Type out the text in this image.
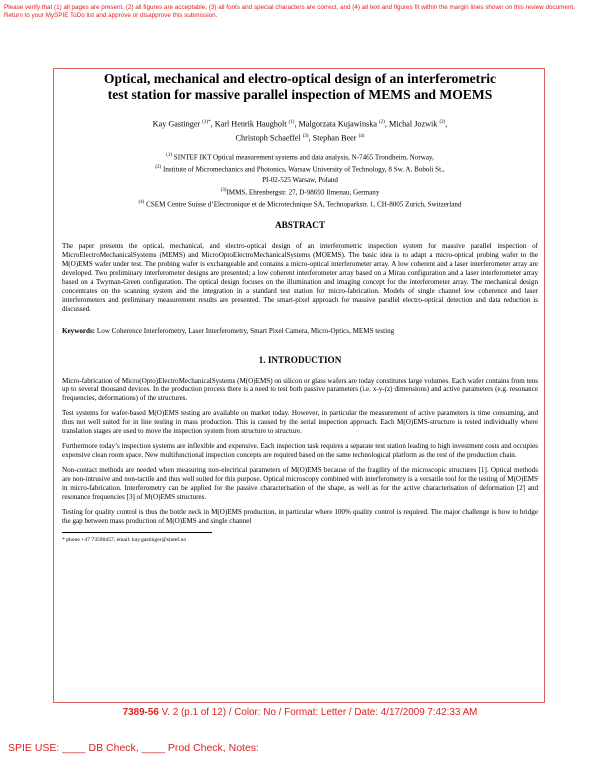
Please verify that (1) all pages are present, (2) all figures are acceptable, (3) all fonts and special characters are correct, and (4) all text and figures fit within the margin lines shown on this review document. Return to your MySPIE ToDo list and approve or disapprove this submission.
Optical, mechanical and electro-optical design of an interferometric
test station for massive parallel inspection of MEMS and MOEMS
Kay Gastinger $^{(1)*}$, Karl Henrik Haugholt $^{(1)}$, Malgorzata Kujawinska $^{(2)}$, Michal Jozwik $^{(2)}$,
Christoph Schaeffel $^{(3)}$, Stephan Beer $^{(4)}$
$^{(1)}$ SINTEF IKT Optical measurement systems and data analysis, N-7465 Trondheim, Norway,
$^{(2)}$ Institute of Micromechanics and Photonics, Warsaw University of Technology, 8 Sw. A. Boboli St.,
PI-02-525 Warsaw, Poland
$^{(3)}$IMMS, Ehrenbergstr. 27, D-98693 Ilmenau, Germany
$^{(4)}$ CSEM Centre Suisse d’Electronique et de Microtechnique SA, Technoparkstr. 1, CH-8005 Zurich, Switzerland
ABSTRACT

The paper presents the optical, mechanical, and electro-optical design of an interferometric inspection system for massive parallel inspection of MicroElectroMechanicalSystems (MEMS) and MicroOptoElectroMechanicalSystems (MOEMS). The basic idea is to adapt a micro-optical probing wafer to the M(O)EMS wafer under test. The probing wafer is exchangeable and contains a micro-optical interferometer array. A low coherent and a laser interferometer array are developed. Two preliminary interferometer designs are presented; a low coherent interferometer array based on a Mirau configuration and a laser interferometer array based on a Twyman-Green configuration. The optical design focuses on the illumination and imaging concept for the interferometer array. The mechanical design concentrates on the scanning system and the integration in a standard test station for micro-fabrication. Models of single channel low coherence and laser interferometers and preliminary measurement results are presented. The smart-pixel approach for massive parallel electro-optical detection and data reduction is discussed.

Keywords: Low Coherence Interferometry, Laser Interferometry, Smart Pixel Camera, Micro-Optics, MEMS testing

1. INTRODUCTION

Micro-fabrication of Micro(Opto)ElectroMechanicalSystems (M(O)EMS) on silicon or glass wafers are today constitutes large volumes. Each wafer contains from tens up to several thousand devices. In the production process there is a need to test both passive parameters (i.e. x-y-(z) dimensions) and active parameters (e.g. resonance frequencies, deformations) of the structures.

Test systems for wafer-based M(O)EMS testing are available on market today. However, in particular the measurement of active parameters is time consuming, and thus not well suited for in line testing in mass production. This is caused by the serial inspection approach. Each M(O)EMS-structure is tested individually where translation stages are used to move the inspection system from structure to structure.

Furthermore today’s inspection systems are inflexible and expensive. Each inspection task requires a separate test station leading to high investment costs and occupies expensive clean room space. New multifunctional inspection concepts are required based on the same technological platform as the rest of the production chain.

Non-contact methods are needed when measuring non-electrical parameters of M(O)EMS because of the fragility of the microscopic structures [1]. Optical methods are non-intrusive and non-tactile and thus well suited for this purpose. Optical microscopy combined with interferometry is a versatile tool for the testing of M(O)EMS in micro-fabrication. Interferometry can be applied for the passive characterisation of the shape, as well as for the active characterisation of deformation [2] and resonance frequencies [3] of M(O)EMS structures.

Testing for quality control is thus the bottle neck in M(O)EMS production, in particular where 100% quality control is required. The major challenge is how to bridge the gap between mass production of M(O)EMS and single channel

* phone +47 73590457, email: kay.gastinger@sintef.no
7389-56 V. 2 (p.1 of 12) / Color: No / Format: Letter / Date: 4/17/2009 7:42:33 AM
SPIE USE: ____ DB Check, ____ Prod Check, Notes:
